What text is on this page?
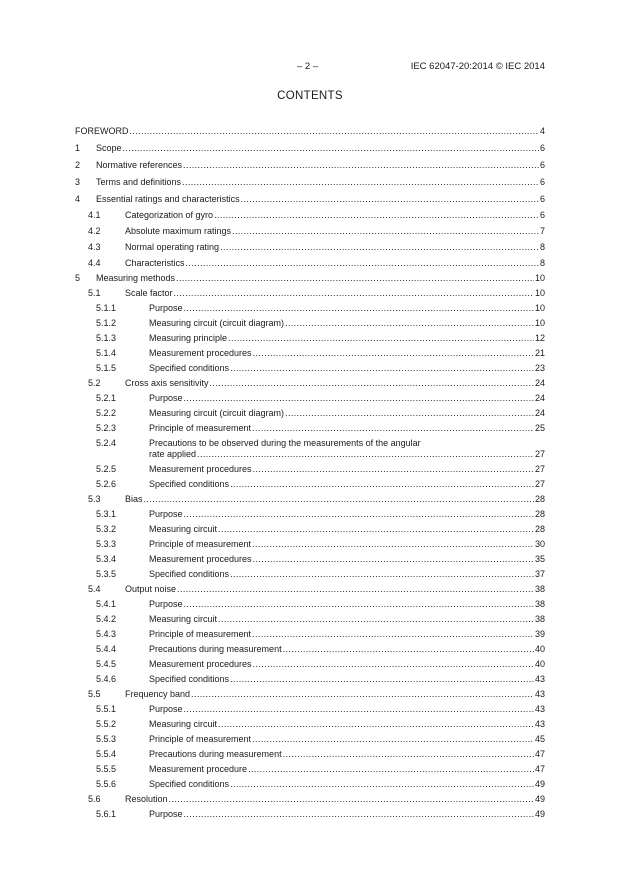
– 2 –	IEC 62047-20:2014 © IEC 2014
CONTENTS
FOREWORD .....	4
1 Scope .....	6
2 Normative references .....	6
3 Terms and definitions .....	6
4 Essential ratings and characteristics .....	6
4.1	Categorization of gyro .....	6
4.2	Absolute maximum ratings .....	7
4.3	Normal operating rating .....	8
4.4	Characteristics .....	8
5 Measuring methods .....	10
5.1	Scale factor .....	10
5.1.1	Purpose .....	10
5.1.2	Measuring circuit (circuit diagram) .....	10
5.1.3	Measuring principle .....	12
5.1.4	Measurement procedures .....	21
5.1.5	Specified conditions .....	23
5.2	Cross axis sensitivity .....	24
5.2.1	Purpose .....	24
5.2.2	Measuring circuit (circuit diagram) .....	24
5.2.3	Principle of measurement .....	25
5.2.4	Precautions to be observed during the measurements of the angular
rate applied .....	27
5.2.5	Measurement procedures .....	27
5.2.6	Specified conditions .....	27
5.3	Bias .....	28
5.3.1	Purpose .....	28
5.3.2	Measuring circuit .....	28
5.3.3	Principle of measurement .....	30
5.3.4	Measurement procedures .....	35
5.3.5	Specified conditions .....	37
5.4	Output noise .....	38
5.4.1	Purpose .....	38
5.4.2	Measuring circuit .....	38
5.4.3	Principle of measurement .....	39
5.4.4	Precautions during measurement .....	40
5.4.5	Measurement procedures .....	40
5.4.6	Specified conditions .....	43
5.5	Frequency band .....	43
5.5.1	Purpose .....	43
5.5.2	Measuring circuit .....	43
5.5.3	Principle of measurement .....	45
5.5.4	Precautions during measurement .....	47
5.5.5	Measurement procedure .....	47
5.5.6	Specified conditions .....	49
5.6	Resolution .....	49
5.6.1	Purpose .....	49
